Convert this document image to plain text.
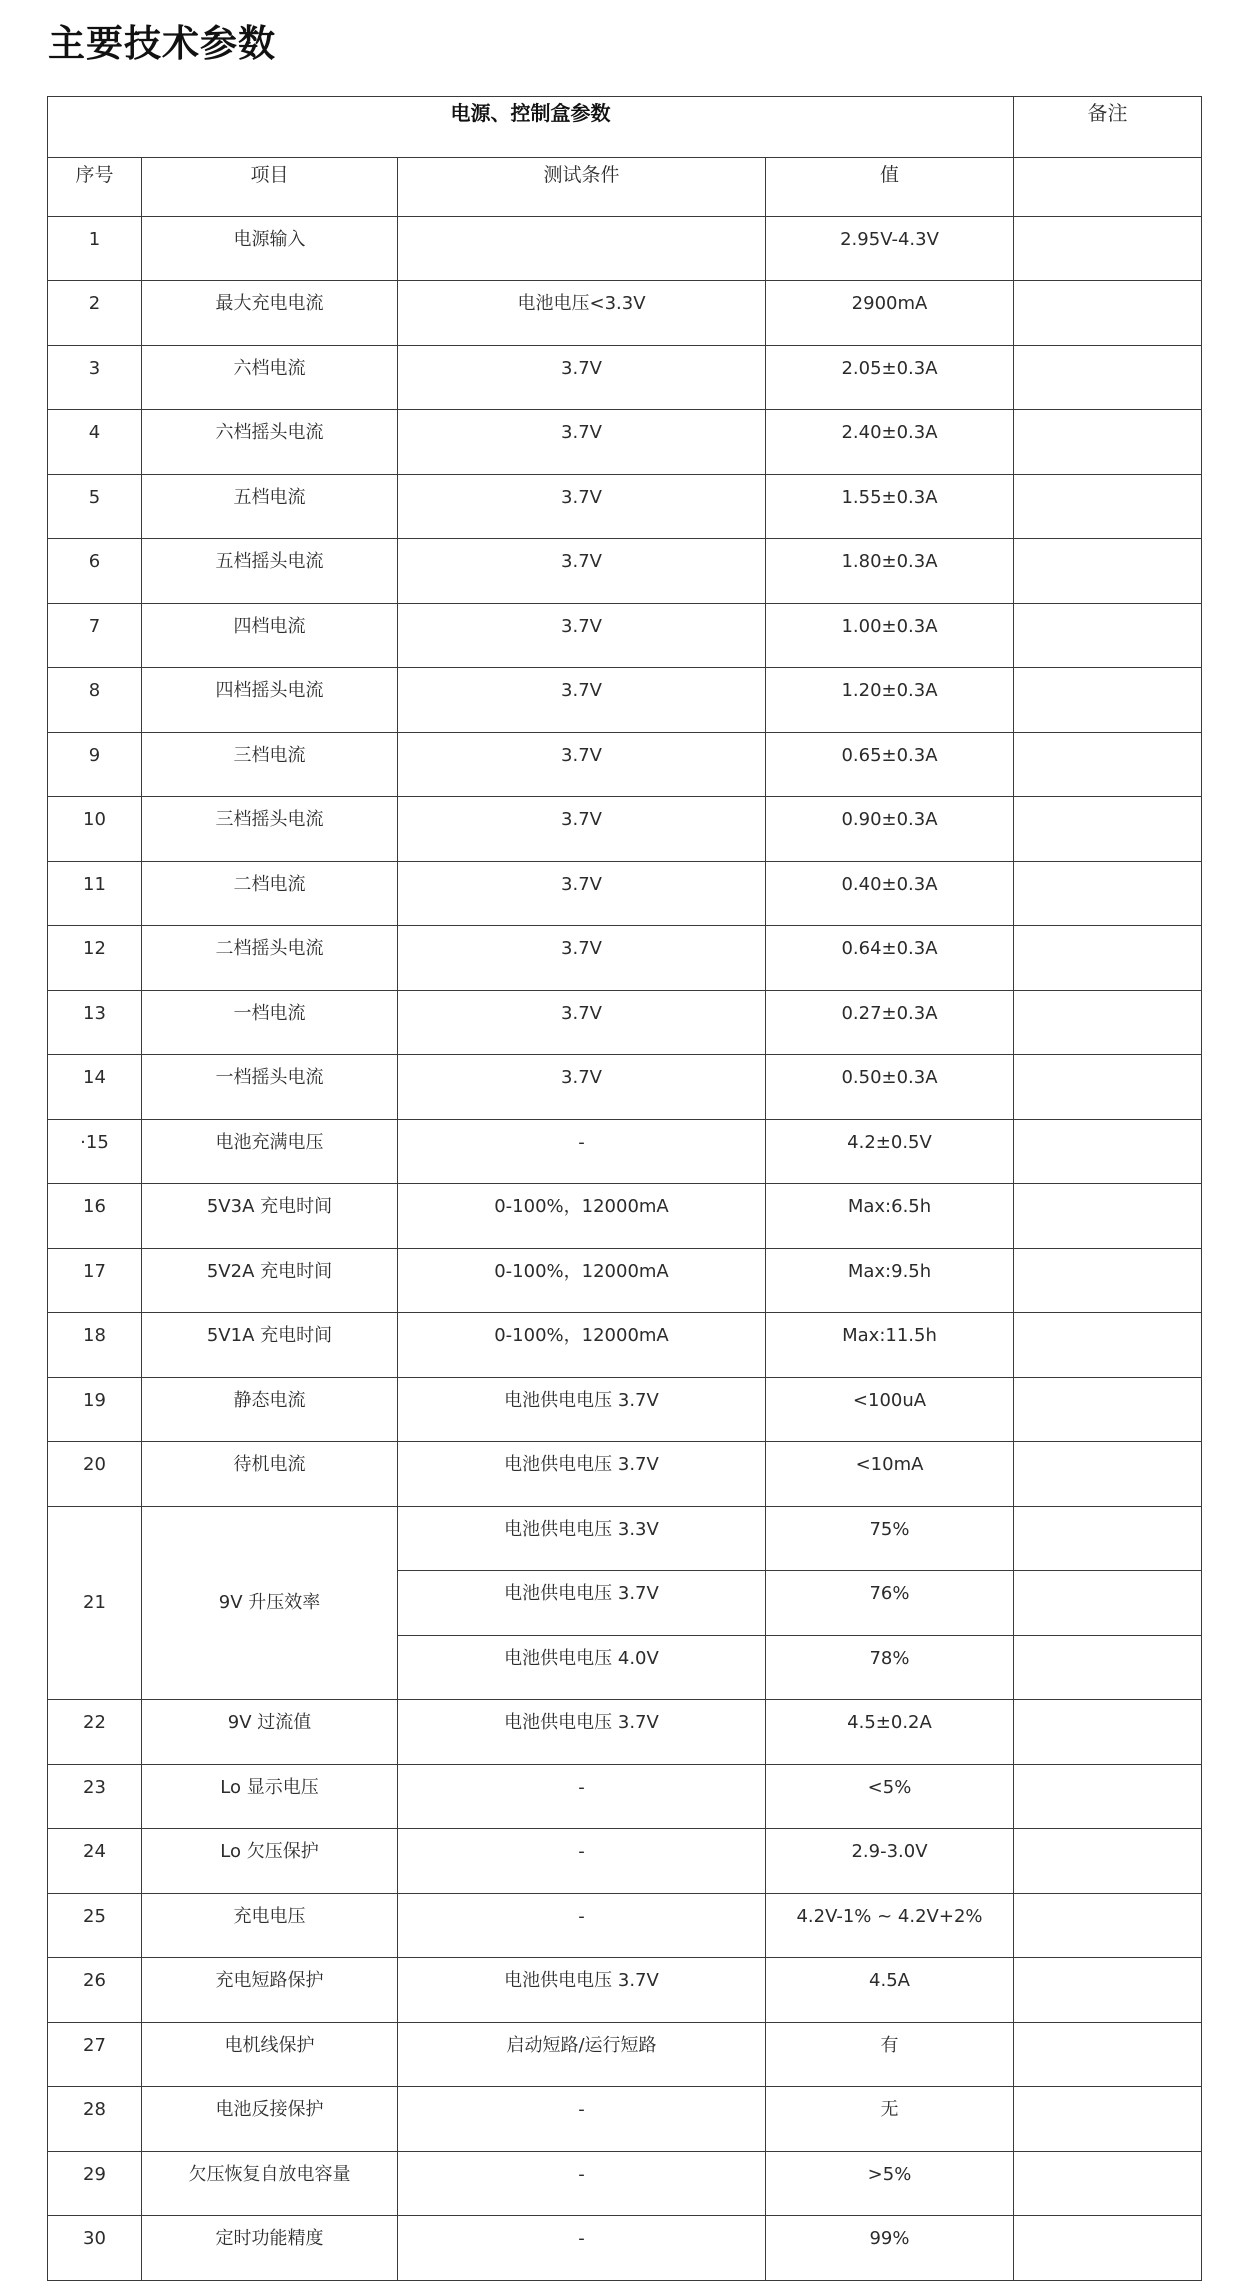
主要技术参数
电源、控制盒参数				备注
序号	项目	测试条件	值	
1	电源输入		2.95V-4.3V	
2	最大充电电流	电池电压<3.3V	2900mA	
3	六档电流	3.7V	2.05±0.3A	
4	六档摇头电流	3.7V	2.40±0.3A	
5	五档电流	3.7V	1.55±0.3A	
6	五档摇头电流	3.7V	1.80±0.3A	
7	四档电流	3.7V	1.00±0.3A	
8	四档摇头电流	3.7V	1.20±0.3A	
9	三档电流	3.7V	0.65±0.3A	
10	三档摇头电流	3.7V	0.90±0.3A	
11	二档电流	3.7V	0.40±0.3A	
12	二档摇头电流	3.7V	0.64±0.3A	
13	一档电流	3.7V	0.27±0.3A	
14	一档摇头电流	3.7V	0.50±0.3A	
·15	电池充满电压	-	4.2±0.5V	
16	5V3A 充电时间	0-100%，12000mA	Max:6.5h	
17	5V2A 充电时间	0-100%，12000mA	Max:9.5h	
18	5V1A 充电时间	0-100%，12000mA	Max:11.5h	
19	静态电流	电池供电电压 3.7V	<100uA	
20	待机电流	电池供电电压 3.7V	<10mA	
21	9V 升压效率	电池供电电压 3.3V	75%	
		电池供电电压 3.7V	76%	
		电池供电电压 4.0V	78%	
22	9V 过流值	电池供电电压 3.7V	4.5±0.2A	
23	Lo 显示电压	-	<5%	
24	Lo 欠压保护	-	2.9-3.0V	
25	充电电压	-	4.2V-1% ~ 4.2V+2%	
26	充电短路保护	电池供电电压 3.7V	4.5A	
27	电机线保护	启动短路/运行短路	有	
28	电池反接保护	-	无	
29	欠压恢复自放电容量	-	>5%	
30	定时功能精度	-	99%	
